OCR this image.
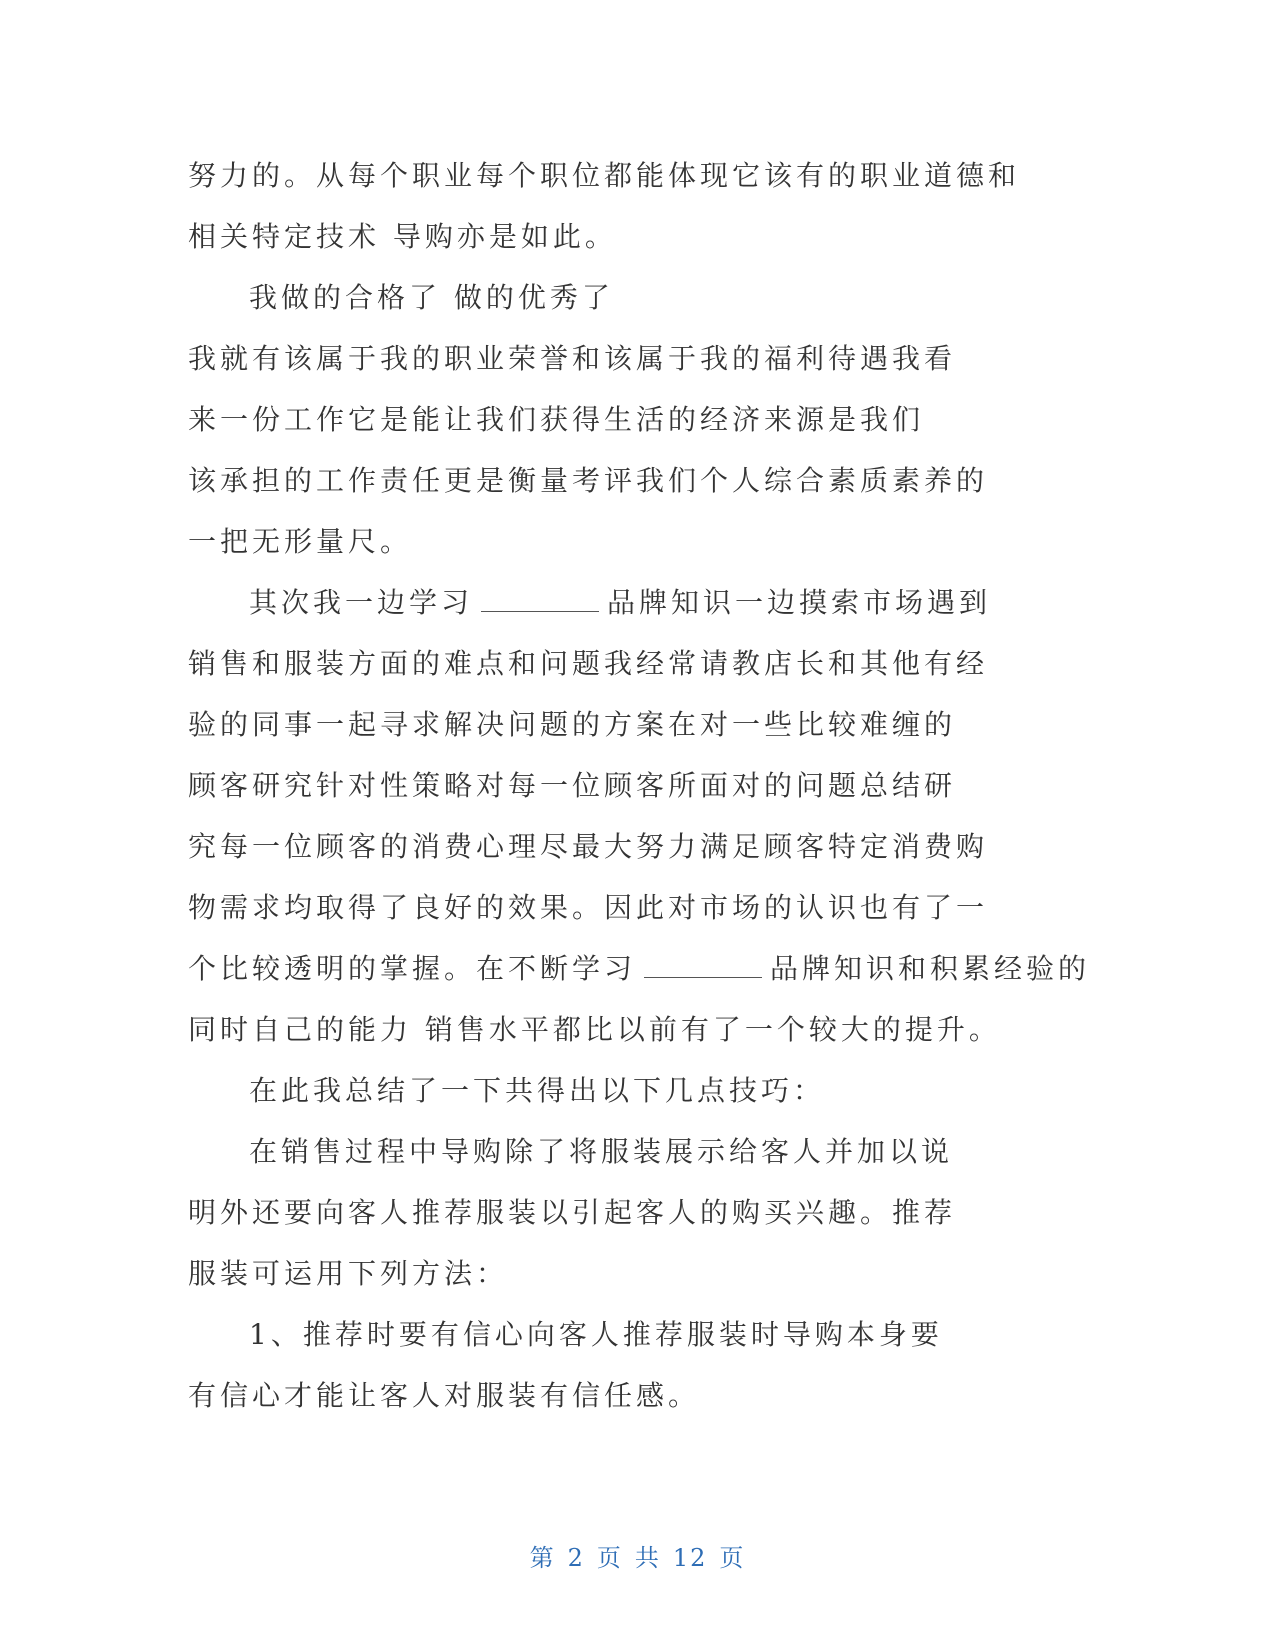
努力的。从每个职业每个职位都能体现它该有的职业道德和
相关特定技术 导购亦是如此。
我做的合格了 做的优秀了
我就有该属于我的职业荣誉和该属于我的福利待遇我看
来一份工作它是能让我们获得生活的经济来源是我们
该承担的工作责任更是衡量考评我们个人综合素质素养的
一把无形量尺。
其次我一边学习	品牌知识一边摸索市场遇到
销售和服装方面的难点和问题我经常请教店长和其他有经
验的同事一起寻求解决问题的方案在对一些比较难缠的
顾客研究针对性策略对每一位顾客所面对的问题总结研
究每一位顾客的消费心理尽最大努力满足顾客特定消费购
物需求均取得了良好的效果。因此对市场的认识也有了一
个比较透明的掌握。在不断学习	品牌知识和积累经验的
同时自己的能力 销售水平都比以前有了一个较大的提升。
在此我总结了一下共得出以下几点技巧：
在销售过程中导购除了将服装展示给客人并加以说
明外还要向客人推荐服装以引起客人的购买兴趣。推荐
服装可运用下列方法：
1、推荐时要有信心向客人推荐服装时导购本身要
有信心才能让客人对服装有信任感。
第 2 页 共 12 页
